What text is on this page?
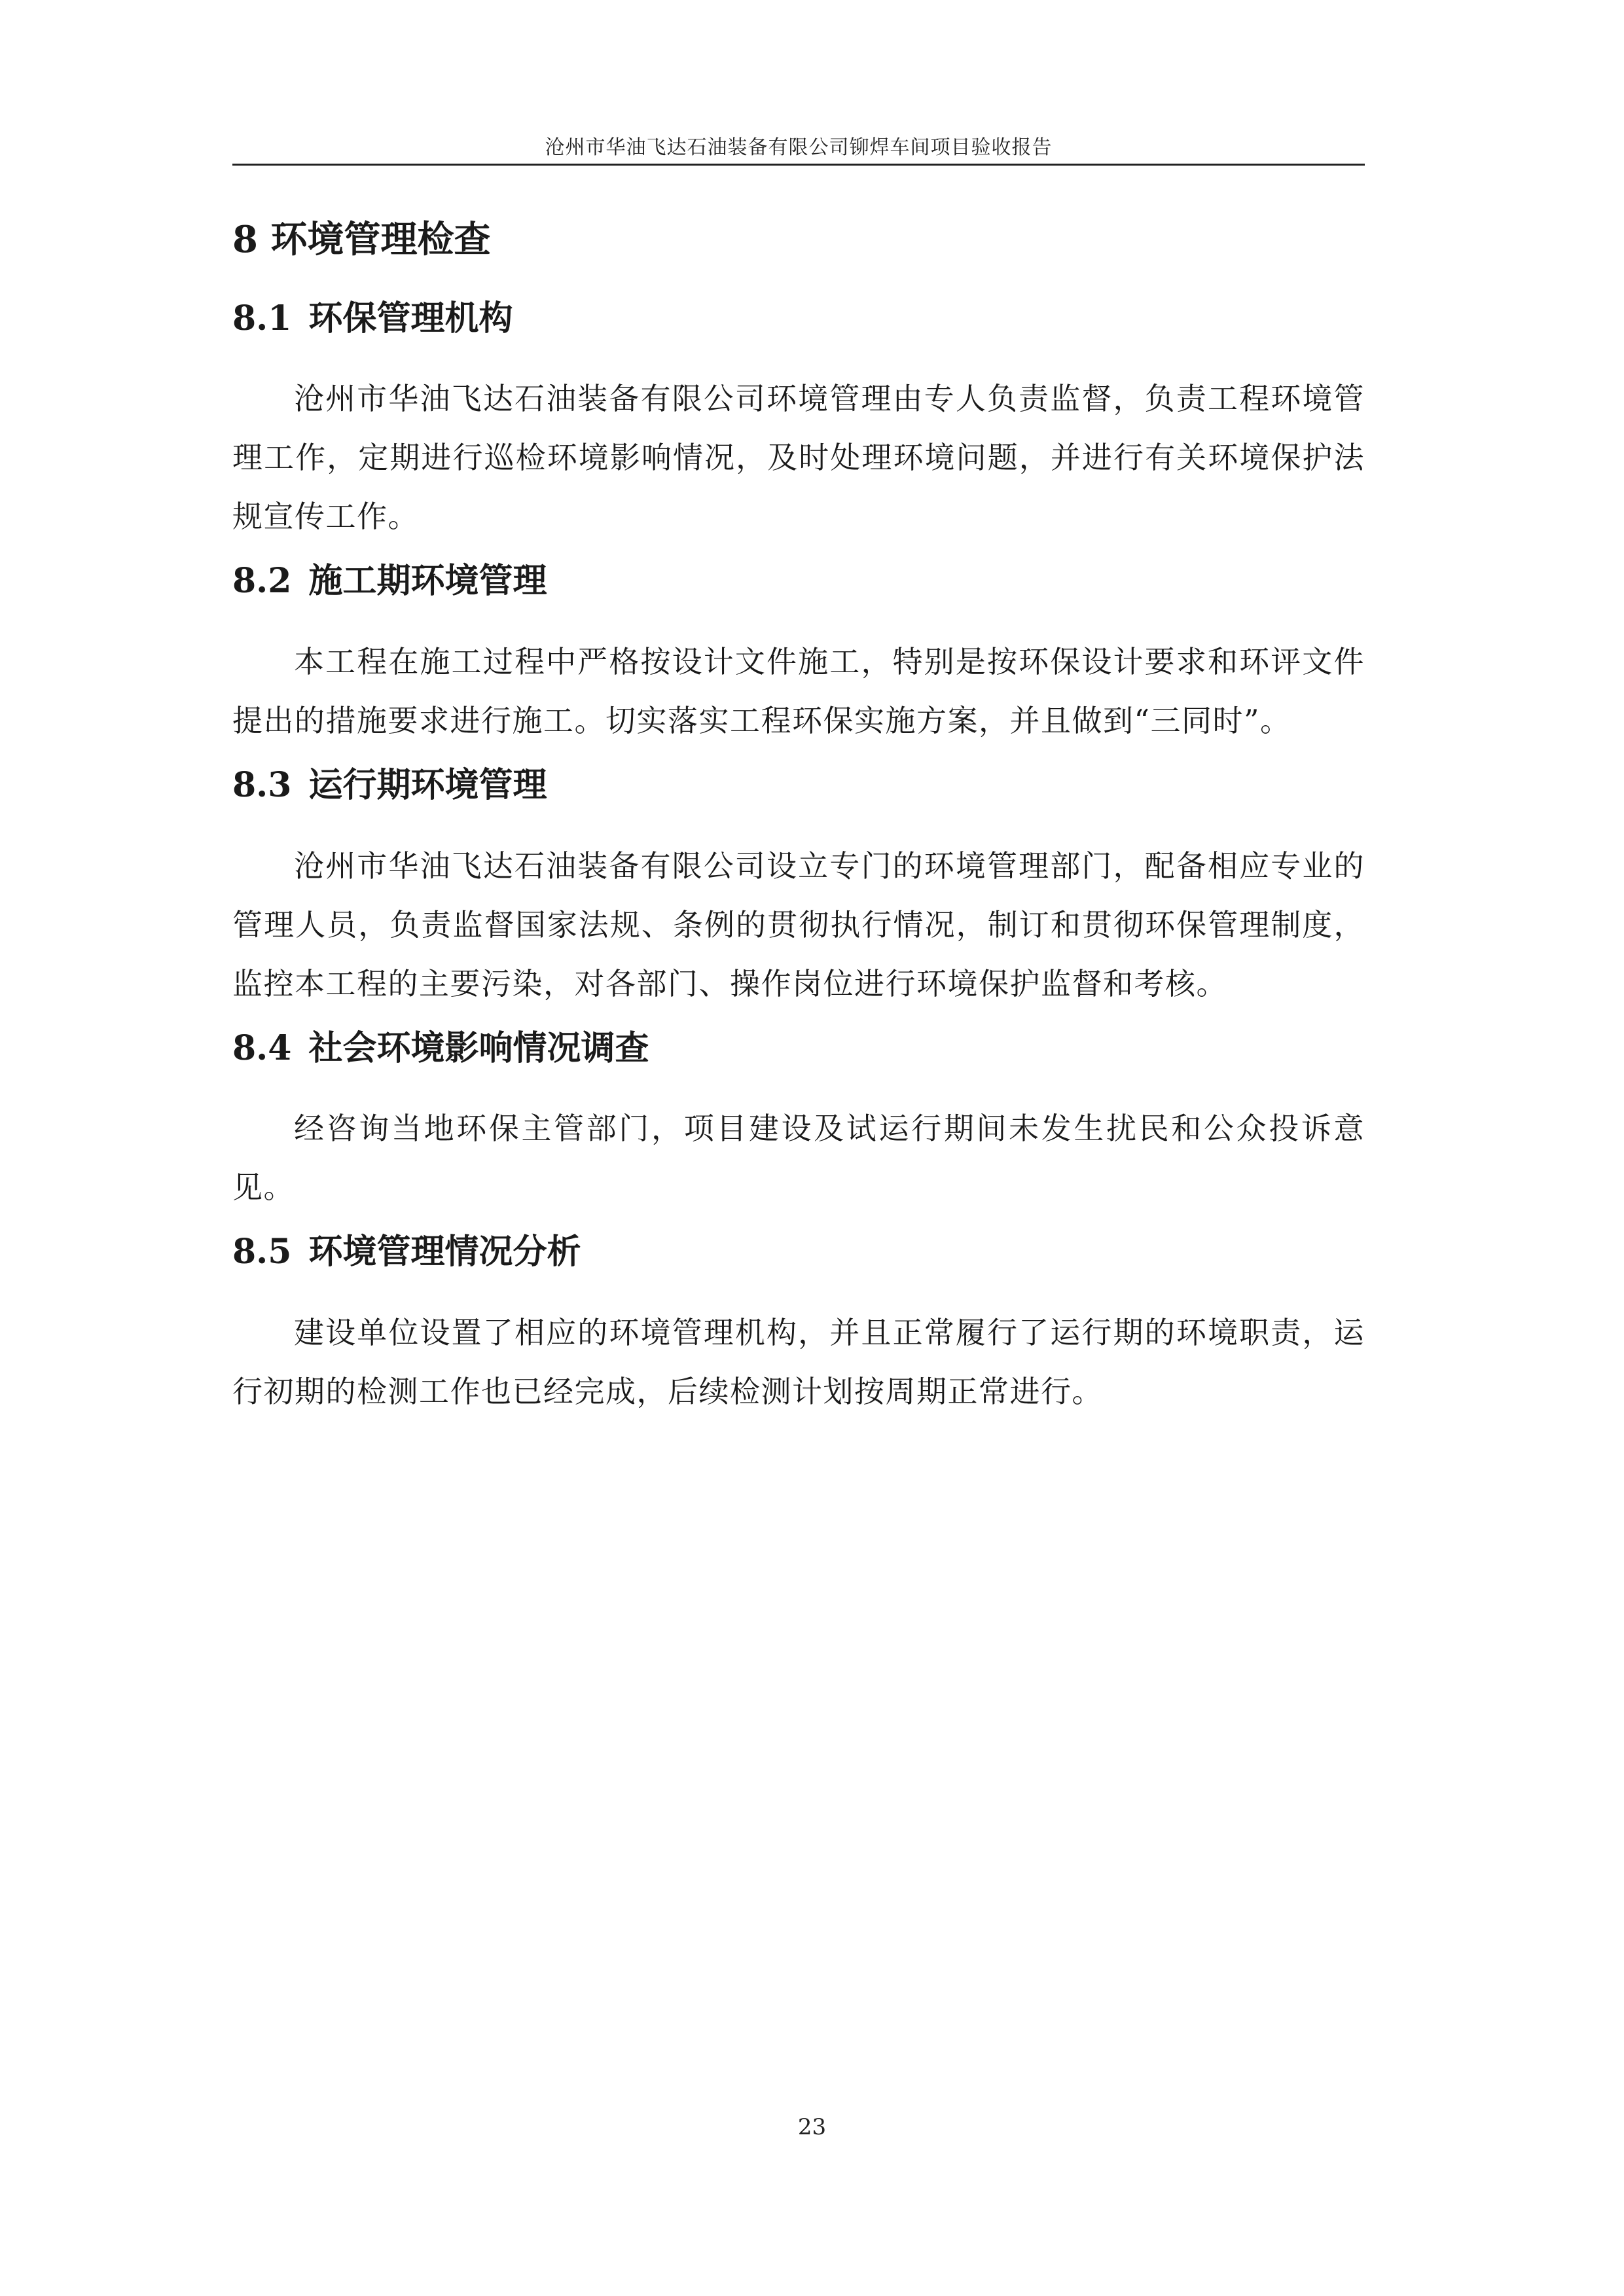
沧州市华油飞达石油装备有限公司铆焊车间项目验收报告
8 环境管理检查
8.1 环保管理机构

沧州市华油飞达石油装备有限公司环境管理由专人负责监督，负责工程环境管理工作，定期进行巡检环境影响情况，及时处理环境问题，并进行有关环境保护法规宣传工作。

8.2 施工期环境管理

本工程在施工过程中严格按设计文件施工，特别是按环保设计要求和环评文件提出的措施要求进行施工。切实落实工程环保实施方案，并且做到“三同时”。

8.3 运行期环境管理

沧州市华油飞达石油装备有限公司设立专门的环境管理部门，配备相应专业的管理人员，负责监督国家法规、条例的贯彻执行情况，制订和贯彻环保管理制度，监控本工程的主要污染，对各部门、操作岗位进行环境保护监督和考核。

8.4 社会环境影响情况调查

经咨询当地环保主管部门，项目建设及试运行期间未发生扰民和公众投诉意见。

8.5 环境管理情况分析

建设单位设置了相应的环境管理机构，并且正常履行了运行期的环境职责，运行初期的检测工作也已经完成，后续检测计划按周期正常进行。

23
